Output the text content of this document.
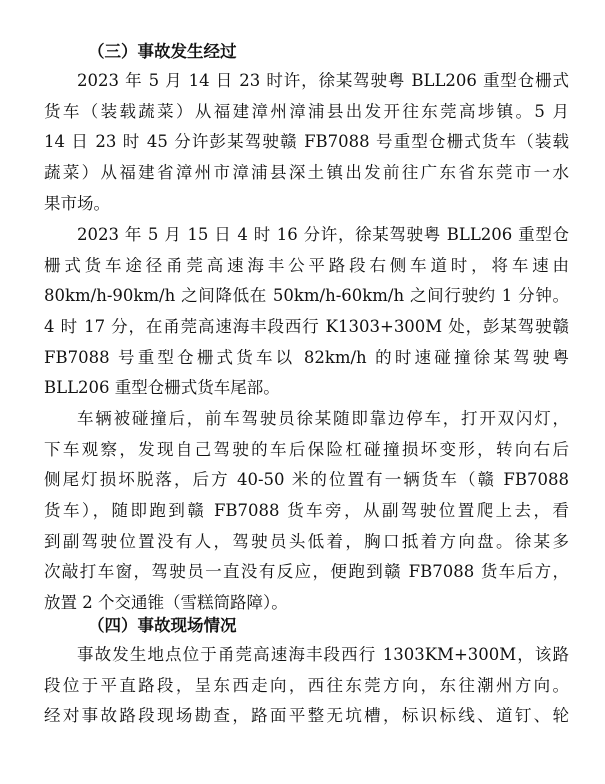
（三）事故发生经过
2023 年 5 月 14 日 23 时许，徐某驾驶粤 BLL206 重型仓栅式
货车（装载蔬菜）从福建漳州漳浦县出发开往东莞高埗镇。5 月
14 日 23 时 45 分许彭某驾驶赣 FB7088 号重型仓栅式货车（装载
蔬菜）从福建省漳州市漳浦县深土镇出发前往广东省东莞市一水
果市场。
2023 年 5 月 15 日 4 时 16 分许，徐某驾驶粤 BLL206 重型仓
栅式货车途径甬莞高速海丰公平路段右侧车道时，将车速由
80km/h-90km/h 之间降低在 50km/h-60km/h 之间行驶约 1 分钟。
4 时 17 分，在甬莞高速海丰段西行 K1303+300M 处，彭某驾驶赣
FB7088 号重型仓栅式货车以 82km/h 的时速碰撞徐某驾驶粤
BLL206 重型仓栅式货车尾部。
车辆被碰撞后，前车驾驶员徐某随即靠边停车，打开双闪灯，
下车观察，发现自己驾驶的车后保险杠碰撞损坏变形，转向右后
侧尾灯损坏脱落，后方 40-50 米的位置有一辆货车（赣 FB7088
货车），随即跑到赣 FB7088 货车旁，从副驾驶位置爬上去，看
到副驾驶位置没有人，驾驶员头低着，胸口抵着方向盘。徐某多
次敲打车窗，驾驶员一直没有反应，便跑到赣 FB7088 货车后方，
放置 2 个交通锥（雪糕筒路障）。
（四）事故现场情况
事故发生地点位于甬莞高速海丰段西行 1303KM+300M，该路
段位于平直路段，呈东西走向，西往东莞方向，东往潮州方向。
经对事故路段现场勘查，路面平整无坑槽，标识标线、道钉、轮
